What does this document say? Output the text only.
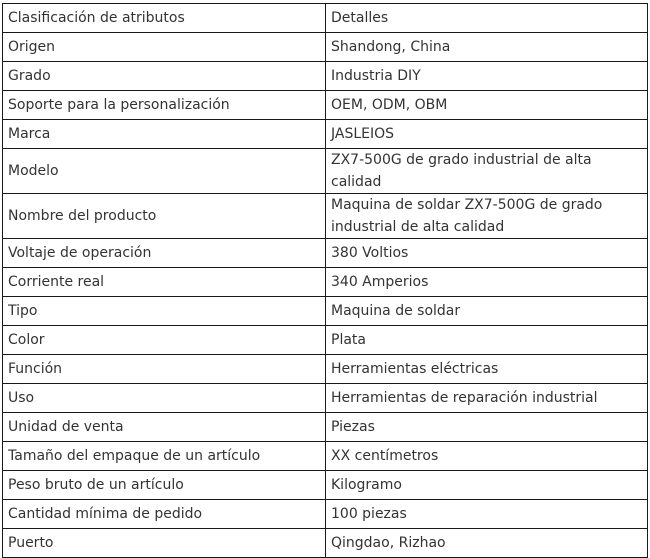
Clasificación de atributos	Detalles
Origen	Shandong, China
Grado	Industria DIY
Soporte para la personalización	OEM, ODM, OBM
Marca	JASLEIOS
Modelo	ZX7-500G de grado industrial de alta calidad
Nombre del producto	Maquina de soldar ZX7-500G de grado industrial de alta calidad
Voltaje de operación	380 Voltios
Corriente real	340 Amperios
Tipo	Maquina de soldar
Color	Plata
Función	Herramientas eléctricas
Uso	Herramientas de reparación industrial
Unidad de venta	Piezas
Tamaño del empaque de un artículo	XX centímetros
Peso bruto de un artículo	Kilogramo
Cantidad mínima de pedido	100 piezas
Puerto	Qingdao, Rizhao
